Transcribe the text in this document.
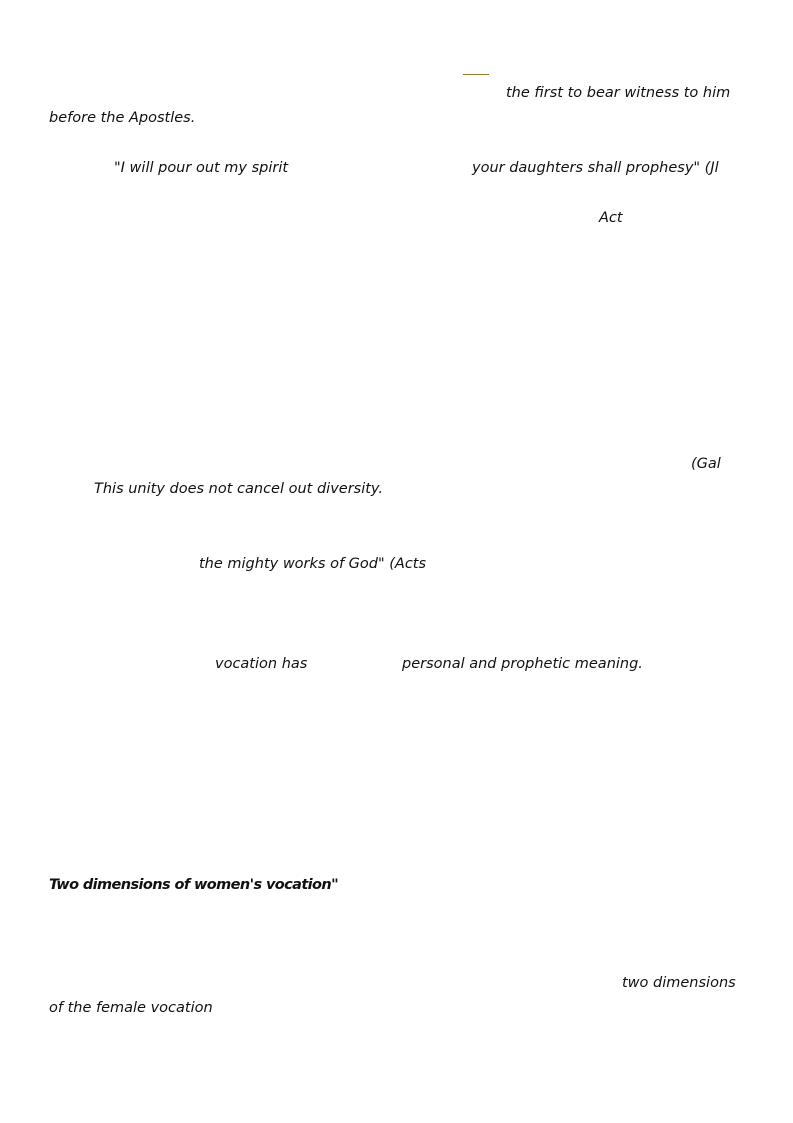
the first to bear witness to him
before the Apostles.
"I will pour out my spirit	your daughters shall prophesy" (Jl
Act
(Gal
This unity does not cancel out diversity.
the mighty works of God" (Acts
vocation has	personal and prophetic meaning.
Two dimensions of women's vocation"
two dimensions
of the female vocation
